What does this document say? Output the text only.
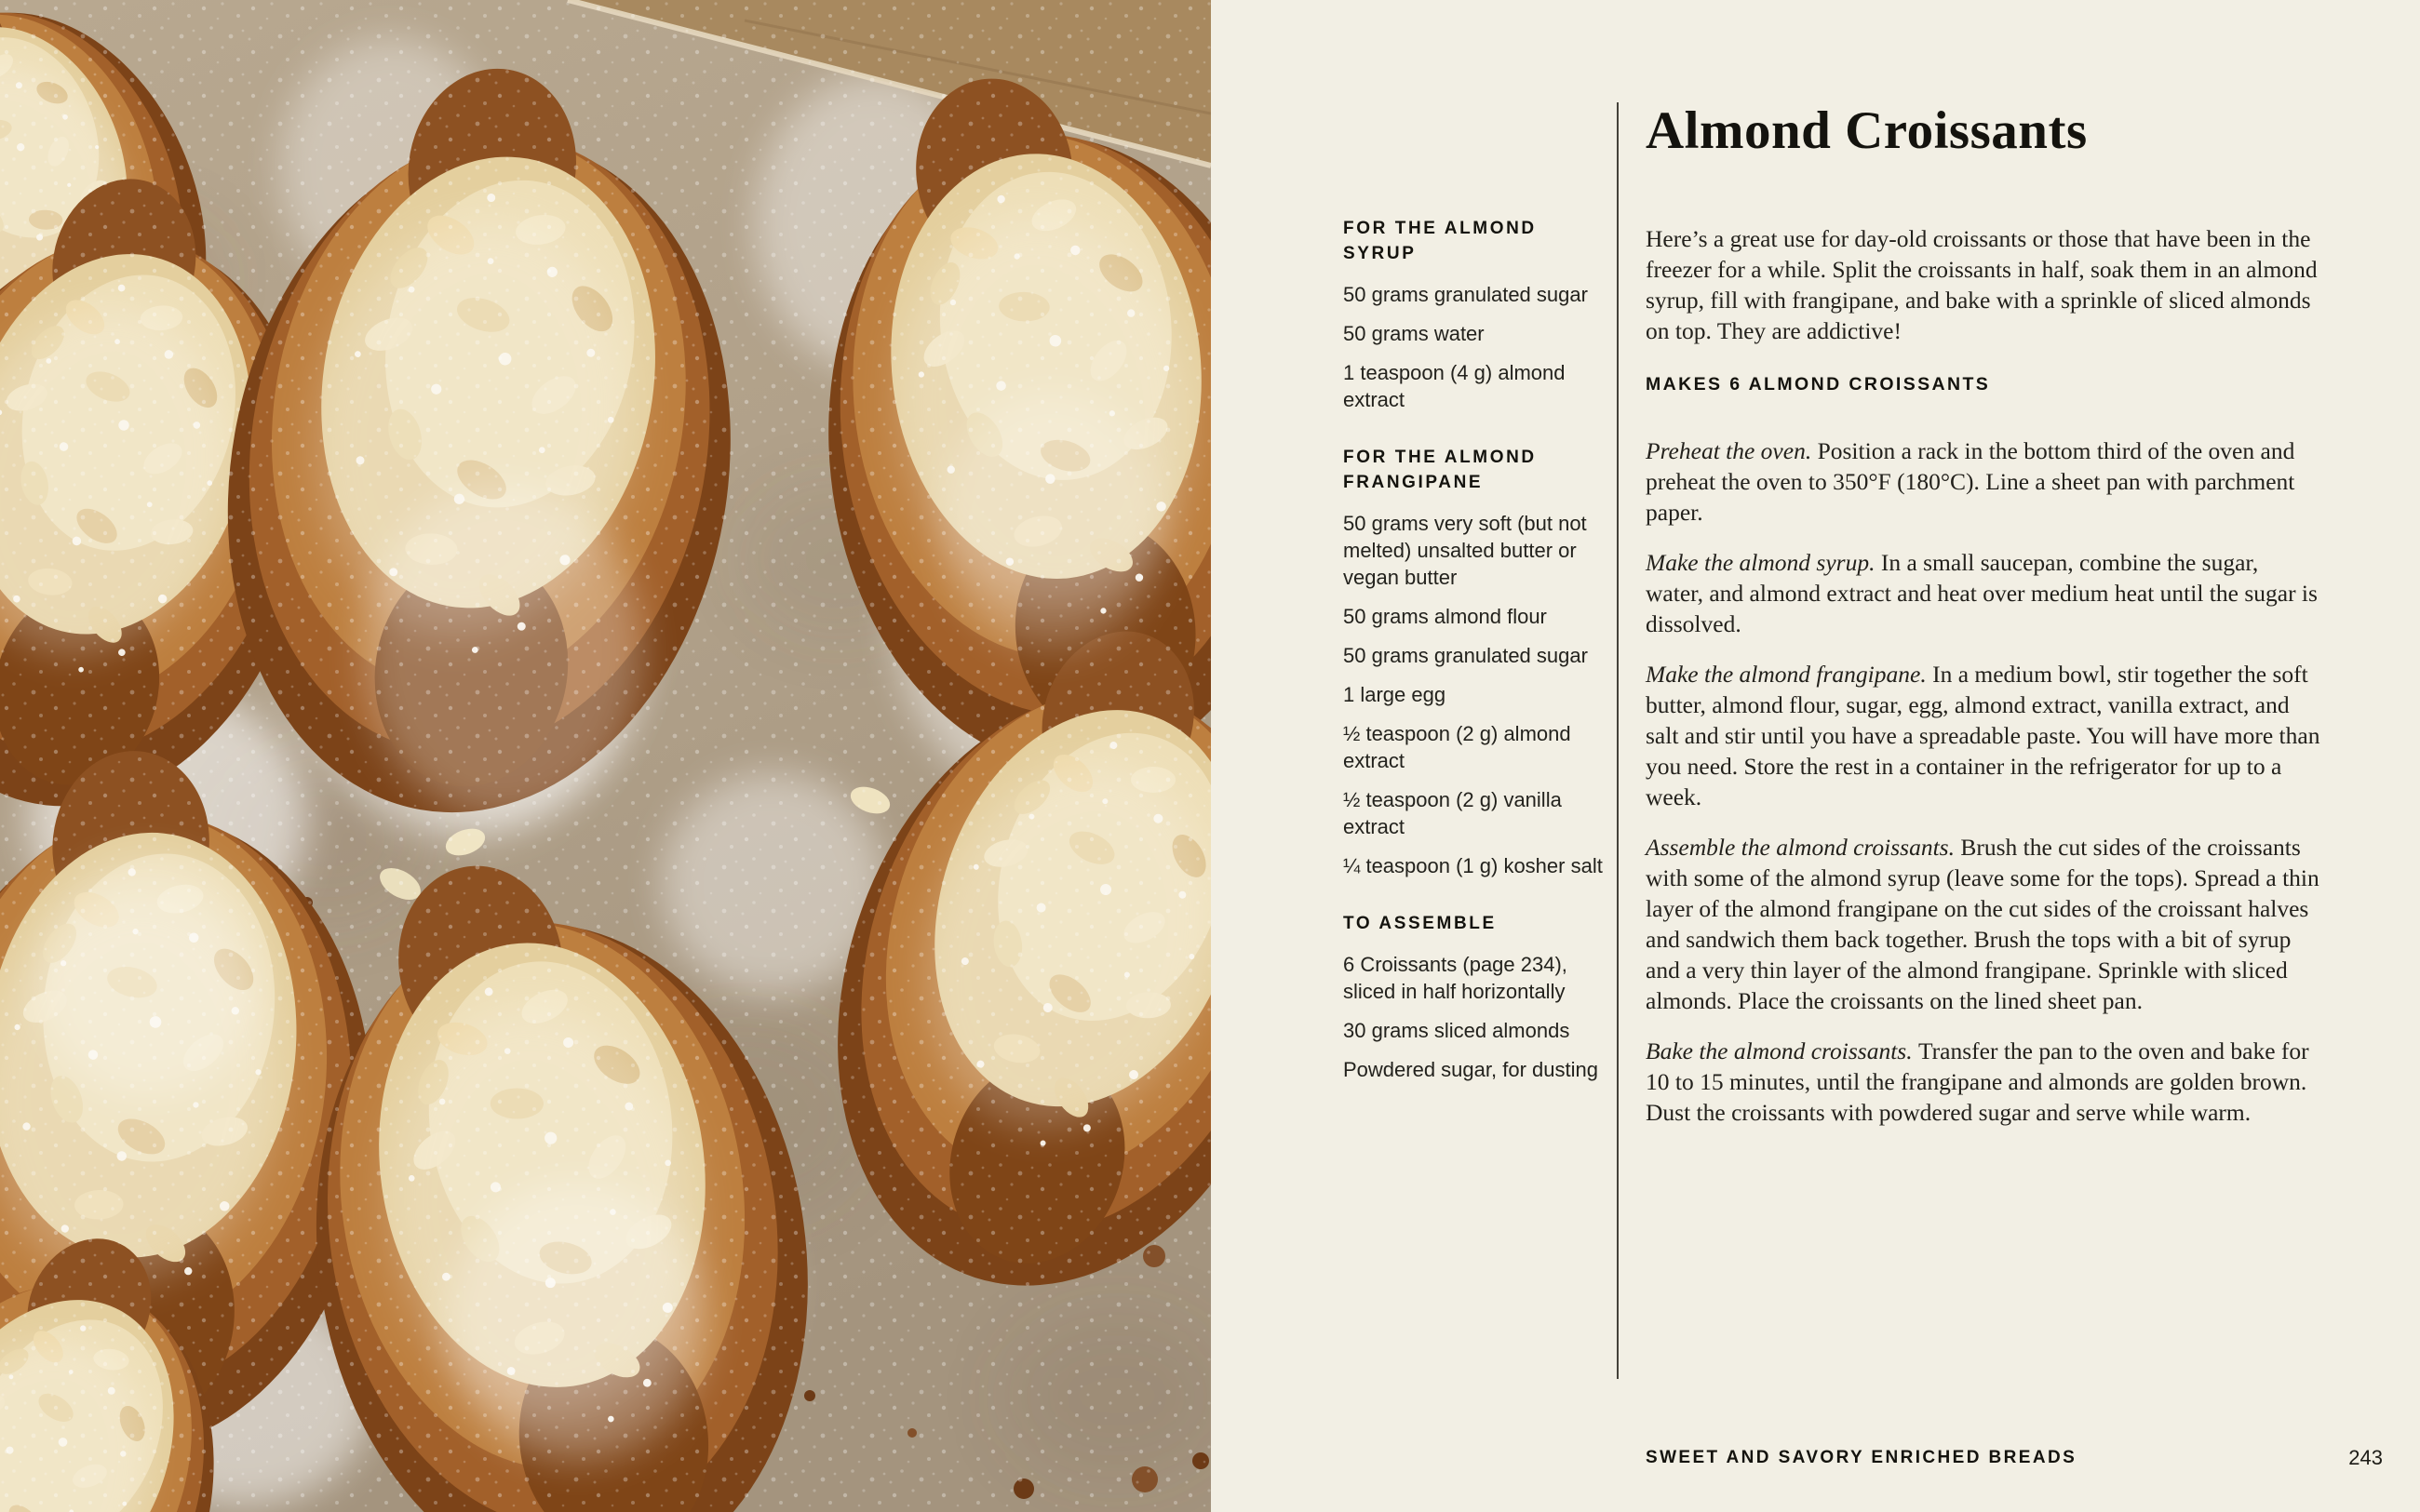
FOR THE ALMOND SYRUP

50 grams granulated sugar

50 grams water

1 teaspoon (4 g) almond extract

FOR THE ALMOND FRANGIPANE

50 grams very soft (but not melted) unsalted butter or vegan butter

50 grams almond flour

50 grams granulated sugar

1 large egg

½ teaspoon (2 g) almond extract

½ teaspoon (2 g) vanilla extract

¼ teaspoon (1 g) kosher salt

TO ASSEMBLE

6 Croissants (page 234), sliced in half horizontally

30 grams sliced almonds

Powdered sugar, for dusting

Almond Croissants

Here’s a great use for day-old croissants or those that have been in the freezer for a while. Split the croissants in half, soak them in an almond syrup, fill with frangipane, and bake with a sprinkle of sliced almonds on top. They are addictive!

MAKES 6 ALMOND CROISSANTS

Preheat the oven. Position a rack in the bottom third of the oven and preheat the oven to 350°F (180°C). Line a sheet pan with parchment paper.

Make the almond syrup. In a small saucepan, combine the sugar, water, and almond extract and heat over medium heat until the sugar is dissolved.

Make the almond frangipane. In a medium bowl, stir together the soft butter, almond flour, sugar, egg, almond extract, vanilla extract, and salt and stir until you have a spreadable paste. You will have more than you need. Store the rest in a container in the refrigerator for up to a week.

Assemble the almond croissants. Brush the cut sides of the croissants with some of the almond syrup (leave some for the tops). Spread a thin layer of the almond frangipane on the cut sides of the croissant halves and sandwich them back together. Brush the tops with a bit of syrup and a very thin layer of the almond frangipane. Sprinkle with sliced almonds. Place the croissants on the lined sheet pan.

Bake the almond croissants. Transfer the pan to the oven and bake for 10 to 15 minutes, until the frangipane and almonds are golden brown. Dust the croissants with powdered sugar and serve while warm.

SWEET AND SAVORY ENRICHED BREADS	243
